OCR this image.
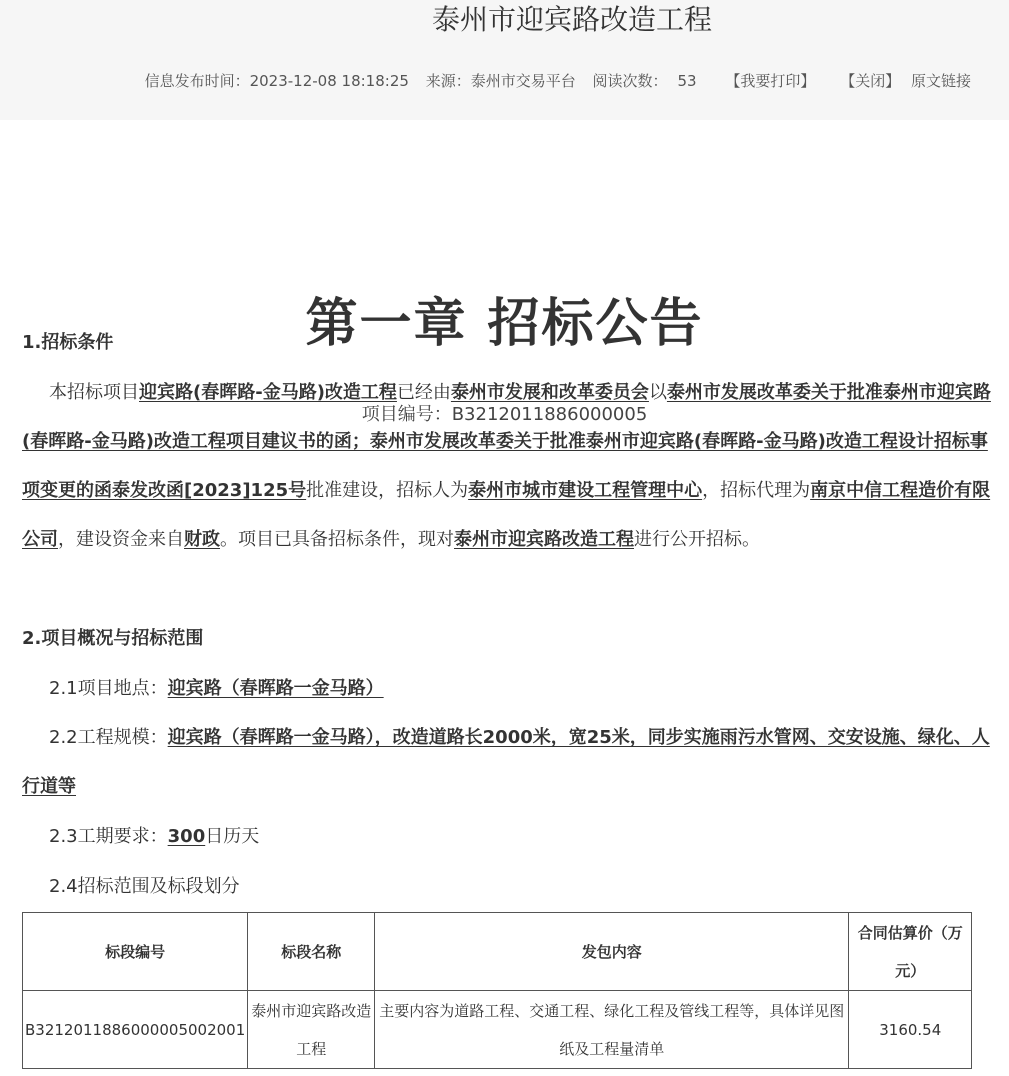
泰州市迎宾路改造工程
信息发布时间：2023-12-08 18:18:25 来源：泰州市交易平台 阅读次数： 53 【我要打印】 【关闭】 原文链接
第一章 招标公告
项目编号：B3212011886000005
1.招标条件
本招标项目迎宾路(春晖路-金马路)改造工程已经由泰州市发展和改革委员会以泰州市发展改革委关于批准泰州市迎宾路(春晖路-金马路)改造工程项目建议书的函；泰州市发展改革委关于批准泰州市迎宾路(春晖路-金马路)改造工程设计招标事项变更的函泰发改函[2023]125号批准建设，招标人为泰州市城市建设工程管理中心，招标代理为南京中信工程造价有限公司，建设资金来自财政。项目已具备招标条件，现对泰州市迎宾路改造工程进行公开招标。
2.项目概况与招标范围
2.1项目地点：迎宾路（春晖路一金马路）
2.2工程规模：迎宾路（春晖路一金马路），改造道路长2000米，宽25米，同步实施雨污水管网、交安设施、绿化、人行道等
2.3工期要求：300日历天
2.4招标范围及标段划分
标段编号	标段名称	发包内容	合同估算价（万元）
B3212011886000005002001	泰州市迎宾路改造工程	主要内容为道路工程、交通工程、绿化工程及管线工程等，具体详见图纸及工程量清单	3160.54
